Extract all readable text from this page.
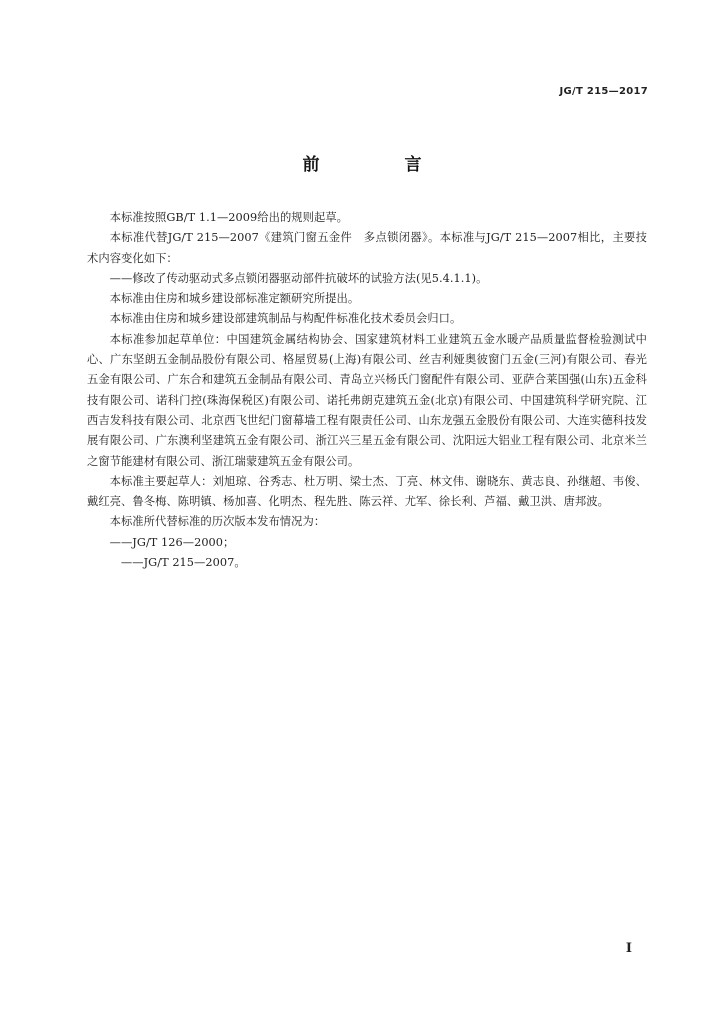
JG/T 215—2017
前　言

本标准按照GB/T 1.1—2009给出的规则起草。

本标准代替JG/T 215—2007《建筑门窗五金件　多点锁闭器》。本标准与JG/T 215—2007相比，主要技术内容变化如下：

——修改了传动驱动式多点锁闭器驱动部件抗破坏的试验方法(见5.4.1.1)。

本标准由住房和城乡建设部标准定额研究所提出。

本标准由住房和城乡建设部建筑制品与构配件标准化技术委员会归口。

本标准参加起草单位：中国建筑金属结构协会、国家建筑材料工业建筑五金水暖产品质量监督检验测试中心、广东坚朗五金制品股份有限公司、格屋贸易(上海)有限公司、丝吉利娅奥彼窗门五金(三河)有限公司、春光五金有限公司、广东合和建筑五金制品有限公司、青岛立兴杨氏门窗配件有限公司、亚萨合莱国强(山东)五金科技有限公司、诺科门控(珠海保税区)有限公司、诺托弗朗克建筑五金(北京)有限公司、中国建筑科学研究院、江西吉发科技有限公司、北京西飞世纪门窗幕墙工程有限责任公司、山东龙强五金股份有限公司、大连实德科技发展有限公司、广东澳利坚建筑五金有限公司、浙江兴三星五金有限公司、沈阳远大铝业工程有限公司、北京米兰之窗节能建材有限公司、浙江瑞蒙建筑五金有限公司。

本标准主要起草人：刘旭琼、谷秀志、杜万明、梁士杰、丁亮、林文伟、谢晓东、黄志良、孙继超、韦俊、戴红亮、鲁冬梅、陈明镇、杨加喜、化明杰、程先胜、陈云祥、尤军、徐长利、芦福、戴卫洪、唐邦波。

本标准所代替标准的历次版本发布情况为：

——JG/T 126—2000；

——JG/T 215—2007。

I
